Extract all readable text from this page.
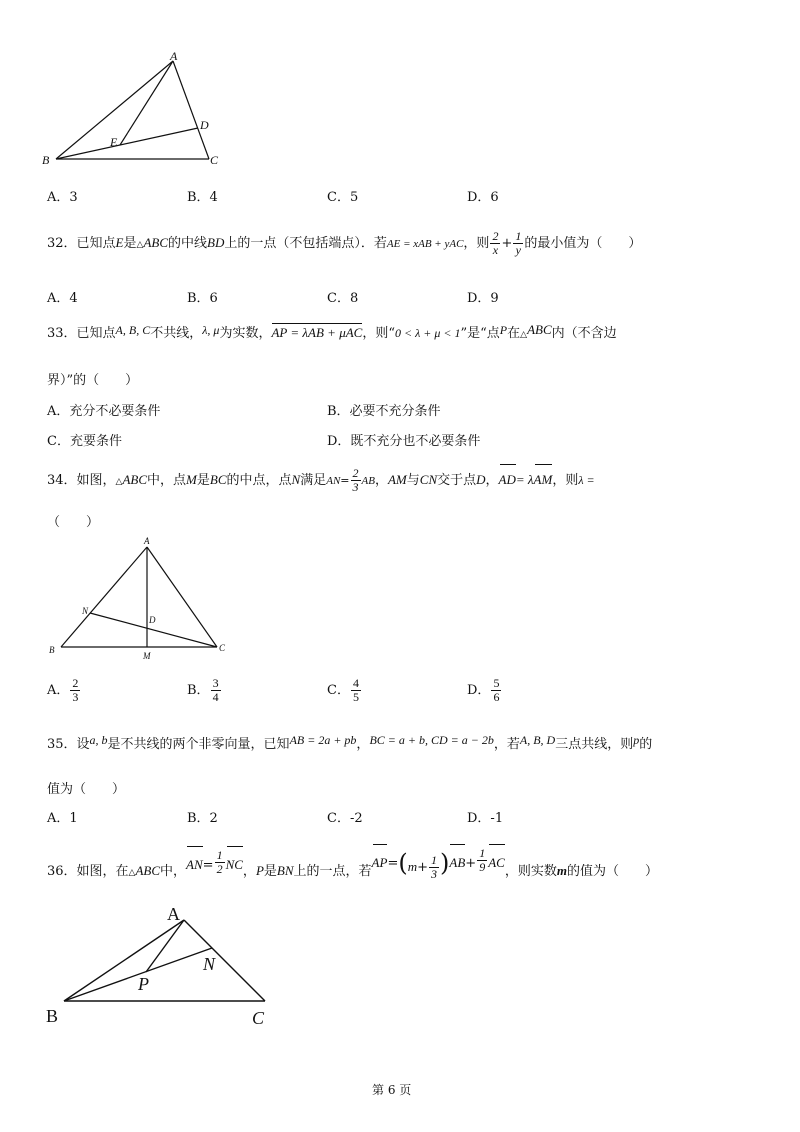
A
B	C
D
E
A．3	B．4	C．5	D．6
32．已知点E是△ABC的中线BD上的一点（不包括端点）．若AE = xAB + yAC，则 $\frac{2}{x} + \frac{1}{y}$ 的最小值为（　　）
A．4	B．6	C．8	D．9
33．已知点A, B, C不共线，λ, μ为实数，AP = λAB + μAC，则“0 < λ + μ < 1”是“点P在△ABC内（不含边
界）”的（　　）
A．充分不必要条件	B．必要不充分条件
C．充要条件	D．既不充分也不必要条件
34．如图，△ABC中，点M是BC的中点，点N满足$AN= \frac{2}{3}$ AB，AM与CN交于点D，AD= λAM，则λ =
（　　）
A
N
D
B
M
C
A． $\frac{2}{3}$	B． $\frac{3}{4}$	C． $\frac{4}{5}$	D． $\frac{5}{6}$
35．设a, b是不共线的两个非零向量，已知AB = 2a + pb，BC = a + b, CD = a − 2b，若A, B, D三点共线，则p的
值为（　　）
A．1	B．2	C．-2	D．-1
36．如图，在△ABC中，$AN= \frac{1}{2}$ NC，P是BN上的一点，若$AP=(m+ \frac{1}{3} )AB+ \frac{1}{9}$ AC，则实数m的值为（　　）
A
N
P
B	C
第 6 页
